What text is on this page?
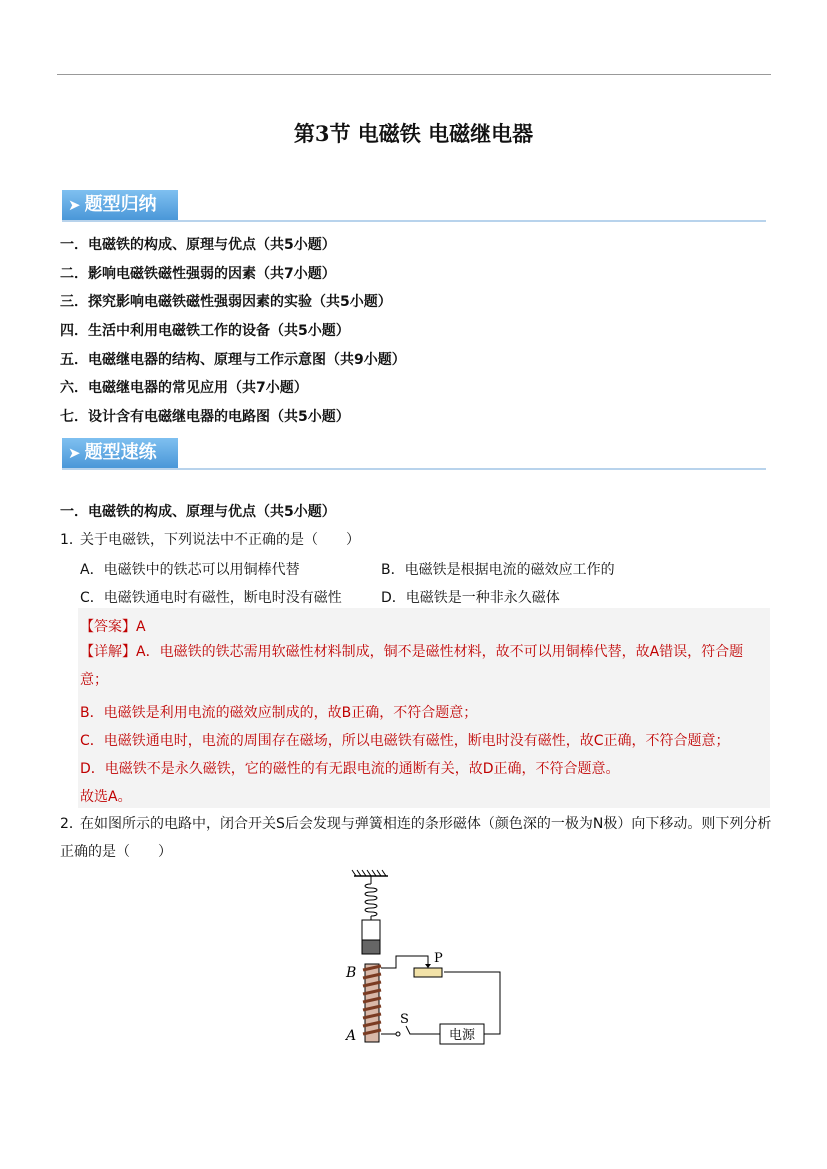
第3节 电磁铁 电磁继电器
➤ 题型归纳
一．电磁铁的构成、原理与优点（共5小题）
二．影响电磁铁磁性强弱的因素（共7小题）
三．探究影响电磁铁磁性强弱因素的实验（共5小题）
四．生活中利用电磁铁工作的设备（共5小题）
五．电磁继电器的结构、原理与工作示意图（共9小题）
六．电磁继电器的常见应用（共7小题）
七．设计含有电磁继电器的电路图（共5小题）
➤ 题型速练
一．电磁铁的构成、原理与优点（共5小题）
1．关于电磁铁，下列说法中不正确的是（　　）
A．电磁铁中的铁芯可以用铜棒代替	B．电磁铁是根据电流的磁效应工作的
C．电磁铁通电时有磁性，断电时没有磁性	D．电磁铁是一种非永久磁体
【答案】A
【详解】A．电磁铁的铁芯需用软磁性材料制成，铜不是磁性材料，故不可以用铜棒代替，故A错误，符合题意；
B．电磁铁是利用电流的磁效应制成的，故B正确，不符合题意；
C．电磁铁通电时，电流的周围存在磁场，所以电磁铁有磁性，断电时没有磁性，故C正确，不符合题意；
D．电磁铁不是永久磁铁，它的磁性的有无跟电流的通断有关，故D正确，不符合题意。
故选A。
2．在如图所示的电路中，闭合开关S后会发现与弹簧相连的条形磁体（颜色深的一极为N极）向下移动。则下列分析正确的是（　　）
电源
B
A
P
S
